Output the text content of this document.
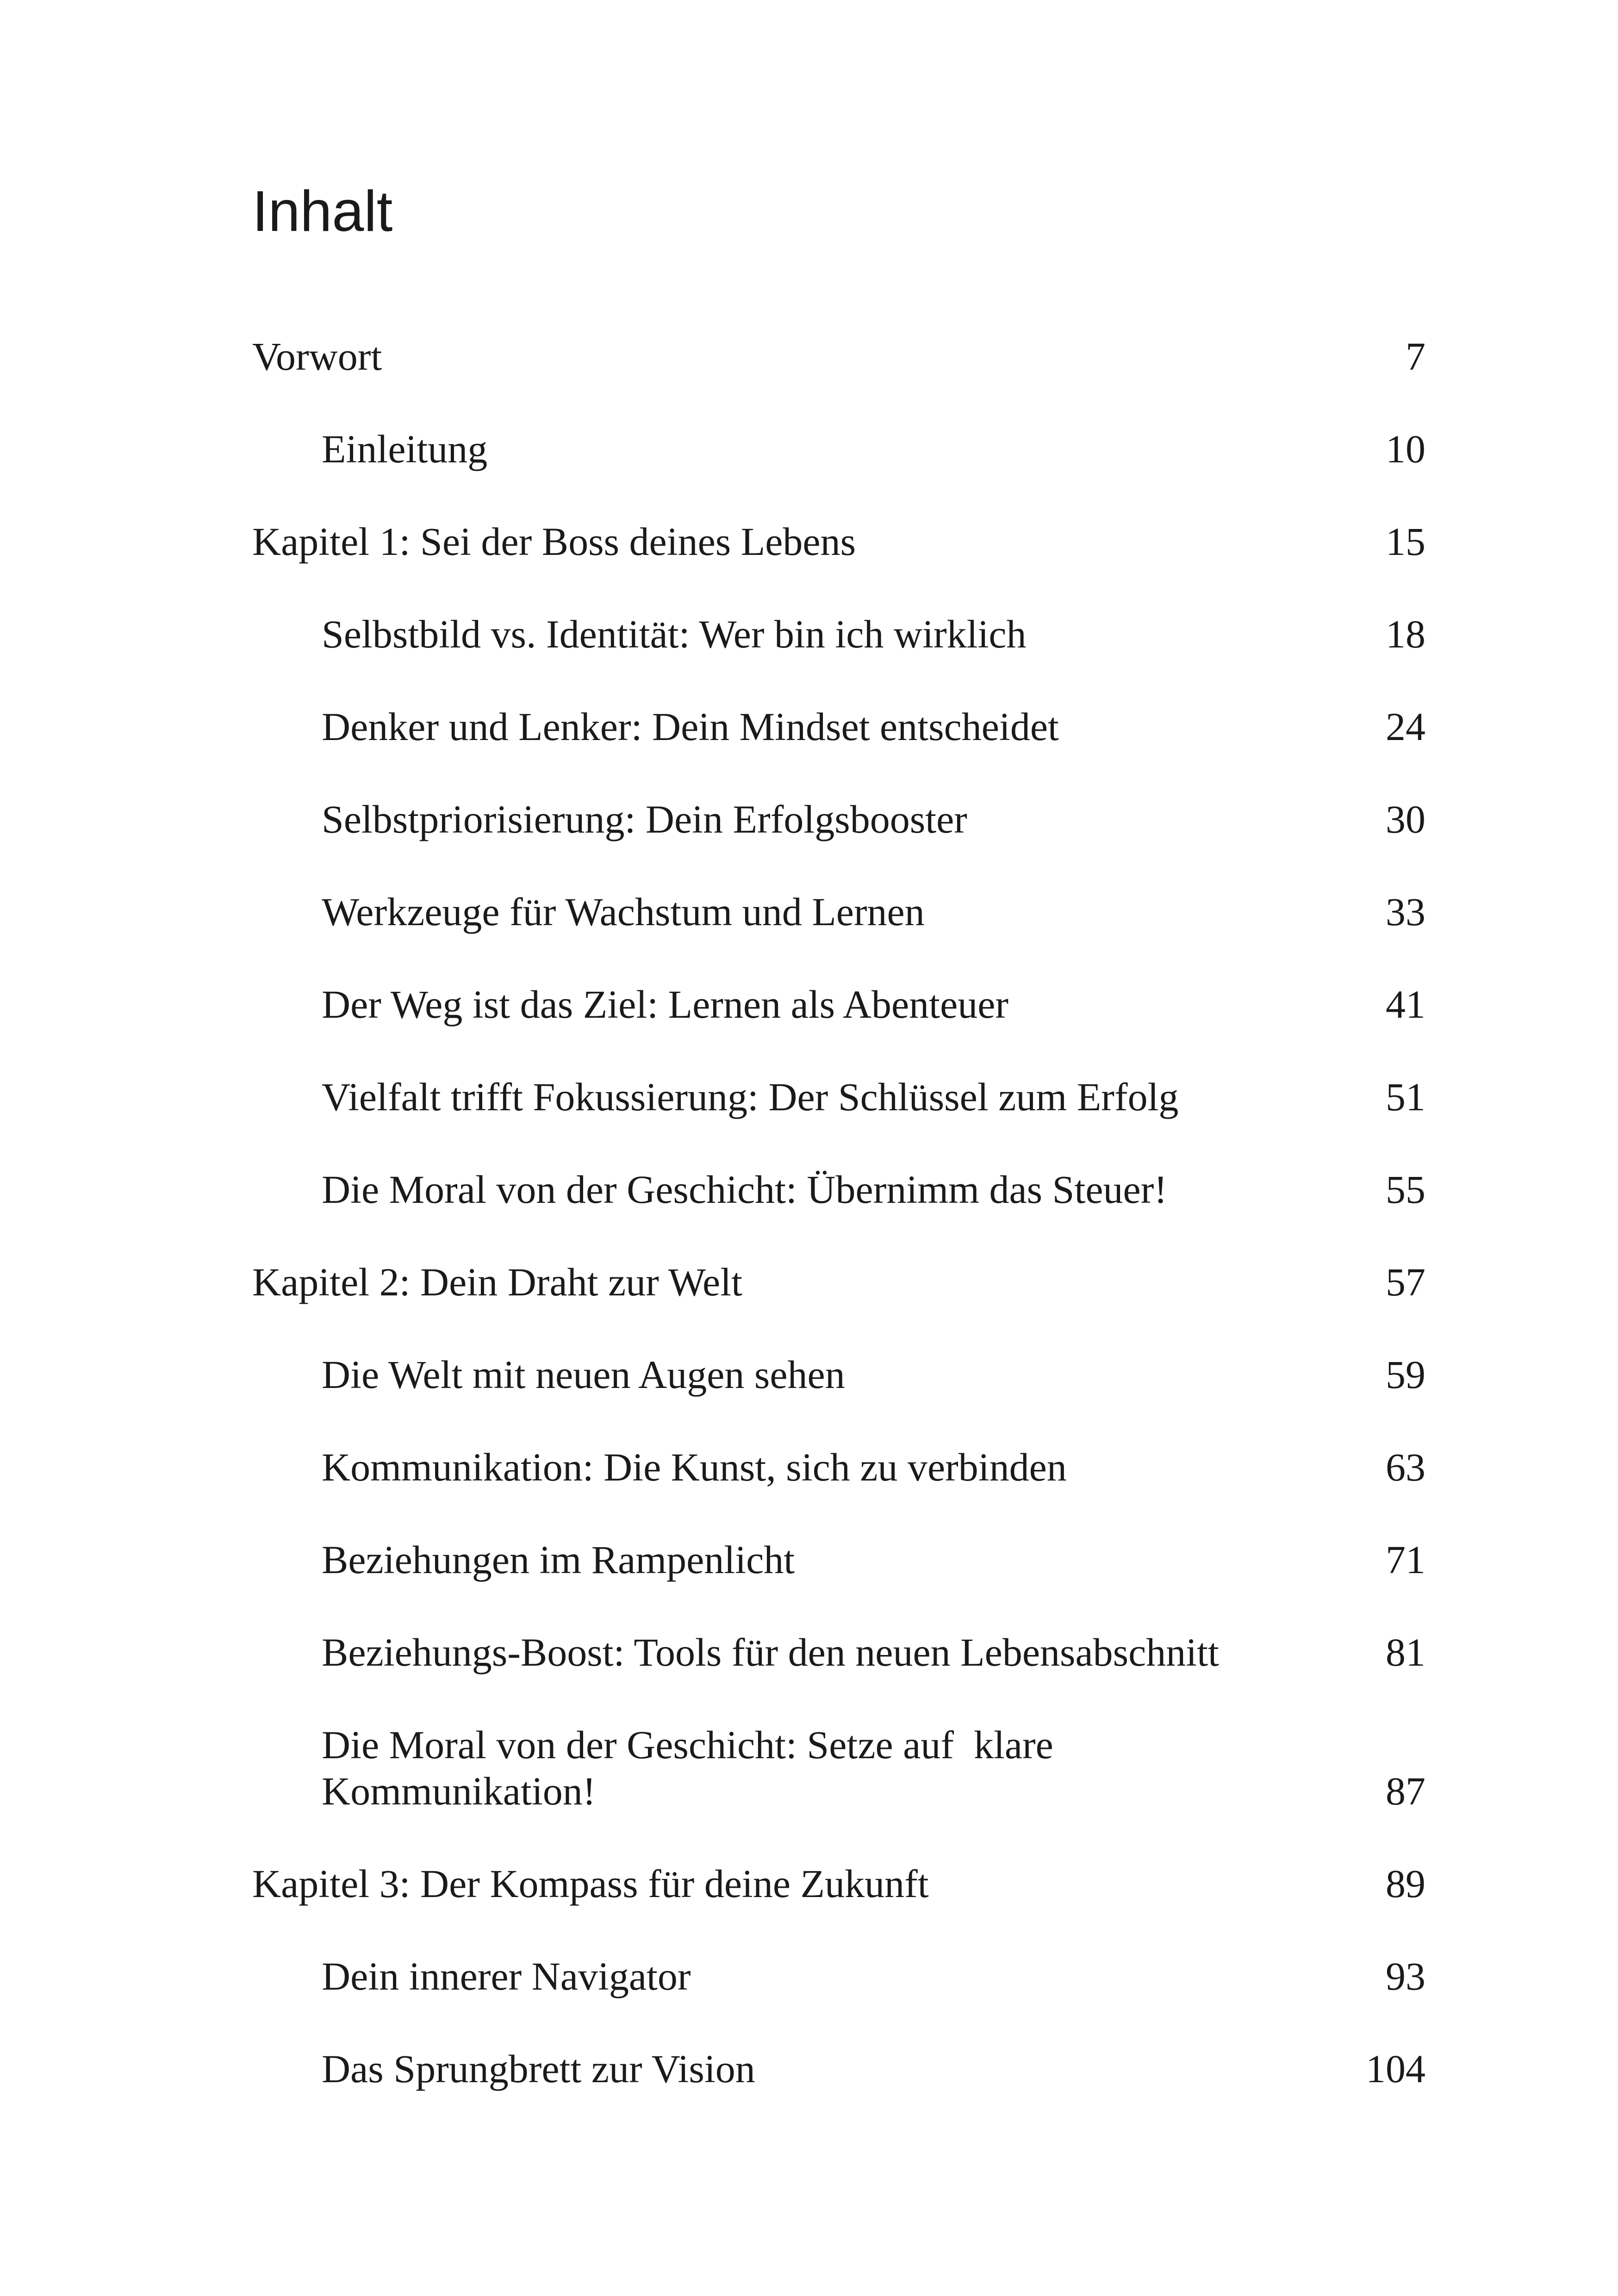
Inhalt
Vorwort	7
Einleitung	10
Kapitel 1: Sei der Boss deines Lebens	15
Selbstbild vs. Identität: Wer bin ich wirklich	18
Denker und Lenker: Dein Mindset entscheidet	24
Selbstpriorisierung: Dein Erfolgsbooster	30
Werkzeuge für Wachstum und Lernen	33
Der Weg ist das Ziel: Lernen als Abenteuer	41
Vielfalt trifft Fokussierung: Der Schlüssel zum Erfolg	51
Die Moral von der Geschicht: Übernimm das Steuer!	55
Kapitel 2: Dein Draht zur Welt	57
Die Welt mit neuen Augen sehen	59
Kommunikation: Die Kunst, sich zu verbinden	63
Beziehungen im Rampenlicht	71
Beziehungs-Boost: Tools für den neuen Lebensabschnitt	81
Die Moral von der Geschicht: Setze auf  klare
Kommunikation!	87
Kapitel 3: Der Kompass für deine Zukunft	89
Dein innerer Navigator	93
Das Sprungbrett zur Vision	104
